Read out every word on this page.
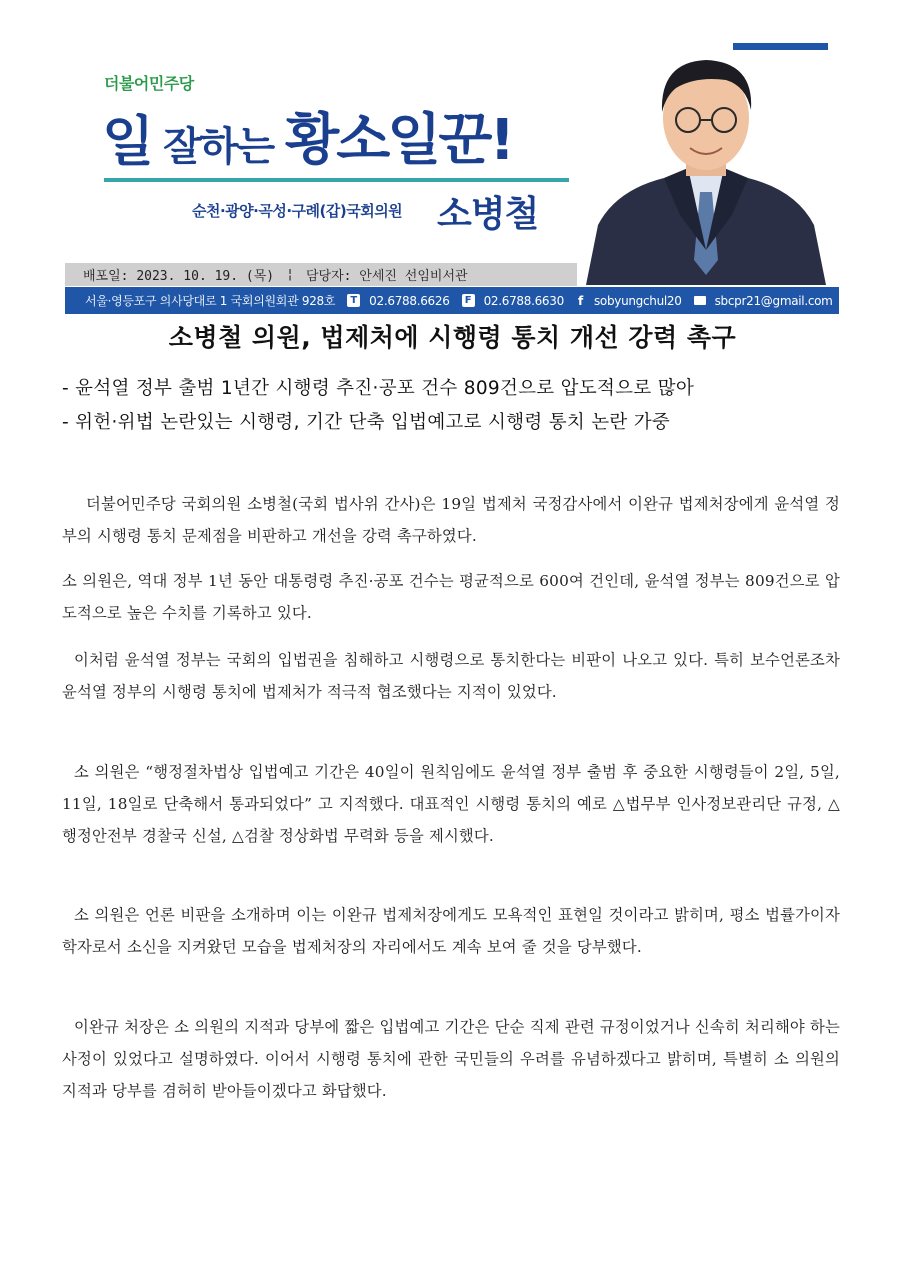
더불어민주당
일 잘하는 황소일꾼!
순천·광양·곡성·구례(갑)국회의원 소병철
배포일: 2023. 10. 19. (목) ¦ 담당자: 안세진 선임비서관
서울·영등포구 의사당대로 1 국회의원회관 928호	T 02.6788.6626	F 02.6788.6630 f sobyungchul20	sbcpr21@gmail.com
소병철 의원, 법제처에 시행령 통치 개선 강력 촉구
- 윤석열 정부 출범 1년간 시행령 추진·공포 건수 809건으로 압도적으로 많아
- 위헌·위법 논란있는 시행령, 기간 단축 입법예고로 시행령 통치 논란 가중
더불어민주당 국회의원 소병철(국회 법사위 간사)은 19일 법제처 국정감사에서 이완규 법제처장에게 윤석열 정부의 시행령 통치 문제점을 비판하고 개선을 강력 촉구하였다.
소 의원은, 역대 정부 1년 동안 대통령령 추진·공포 건수는 평균적으로 600여 건인데, 윤석열 정부는 809건으로 압도적으로 높은 수치를 기록하고 있다.
이처럼 윤석열 정부는 국회의 입법권을 침해하고 시행령으로 통치한다는 비판이 나오고 있다. 특히 보수언론조차 윤석열 정부의 시행령 통치에 법제처가 적극적 협조했다는 지적이 있었다.
소 의원은 “행정절차법상 입법예고 기간은 40일이 원칙임에도 윤석열 정부 출범 후 중요한 시행령들이 2일, 5일, 11일, 18일로 단축해서 통과되었다” 고 지적했다. 대표적인 시행령 통치의 예로 △법무부 인사정보관리단 규정, △행정안전부 경찰국 신설, △검찰 정상화법 무력화 등을 제시했다.
소 의원은 언론 비판을 소개하며 이는 이완규 법제처장에게도 모욕적인 표현일 것이라고 밝히며, 평소 법률가이자 학자로서 소신을 지켜왔던 모습을 법제처장의 자리에서도 계속 보여 줄 것을 당부했다.
이완규 처장은 소 의원의 지적과 당부에 짧은 입법예고 기간은 단순 직제 관련 규정이었거나 신속히 처리해야 하는 사정이 있었다고 설명하였다. 이어서 시행령 통치에 관한 국민들의 우려를 유념하겠다고 밝히며, 특별히 소 의원의 지적과 당부를 겸허히 받아들이겠다고 화답했다.
